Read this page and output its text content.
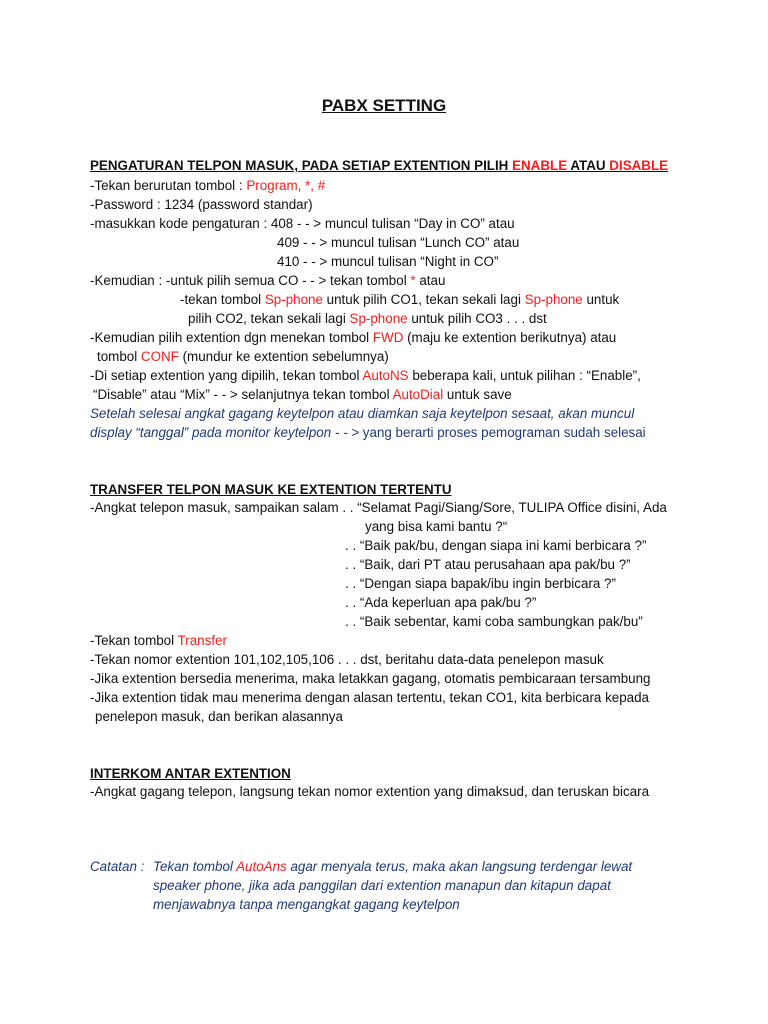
PABX SETTING
PENGATURAN TELPON MASUK, PADA SETIAP EXTENTION PILIH ENABLE ATAU DISABLE
-Tekan berurutan tombol : Program, *, #
-Password : 1234 (password standar)
-masukkan kode pengaturan : 408 - - > muncul tulisan “Day in CO” atau
409 - - > muncul tulisan “Lunch CO” atau
410 - - > muncul tulisan “Night in CO”
-Kemudian : -untuk pilih semua CO - - > tekan tombol * atau
-tekan tombol Sp-phone untuk pilih CO1, tekan sekali lagi Sp-phone untuk
pilih CO2, tekan sekali lagi Sp-phone untuk pilih CO3 . . . dst
-Kemudian pilih extention dgn menekan tombol FWD (maju ke extention berikutnya) atau
tombol CONF (mundur ke extention sebelumnya)
-Di setiap extention yang dipilih, tekan tombol AutoNS beberapa kali, untuk pilihan : “Enable”,
“Disable” atau “Mix” - - > selanjutnya tekan tombol AutoDial untuk save
Setelah selesai angkat gagang keytelpon atau diamkan saja keytelpon sesaat, akan muncul
display “tanggal” pada monitor keytelpon - - > yang berarti proses pemograman sudah selesai
TRANSFER TELPON MASUK KE EXTENTION TERTENTU
-Angkat telepon masuk, sampaikan salam . . “Selamat Pagi/Siang/Sore, TULIPA Office disini, Ada
yang bisa kami bantu ?“
. . “Baik pak/bu, dengan siapa ini kami berbicara ?”
. . “Baik, dari PT atau perusahaan apa pak/bu ?”
. . “Dengan siapa bapak/ibu ingin berbicara ?”
. . “Ada keperluan apa pak/bu ?”
. . “Baik sebentar, kami coba sambungkan pak/bu”
-Tekan tombol Transfer
-Tekan nomor extention 101,102,105,106 . . . dst, beritahu data-data penelepon masuk
-Jika extention bersedia menerima, maka letakkan gagang, otomatis pembicaraan tersambung
-Jika extention tidak mau menerima dengan alasan tertentu, tekan CO1, kita berbicara kepada
penelepon masuk, dan berikan alasannya
INTERKOM ANTAR EXTENTION
-Angkat gagang telepon, langsung tekan nomor extention yang dimaksud, dan teruskan bicara
Catatan : Tekan tombol AutoAns agar menyala terus, maka akan langsung terdengar lewat
speaker phone, jika ada panggilan dari extention manapun dan kitapun dapat
menjawabnya tanpa mengangkat gagang keytelpon
